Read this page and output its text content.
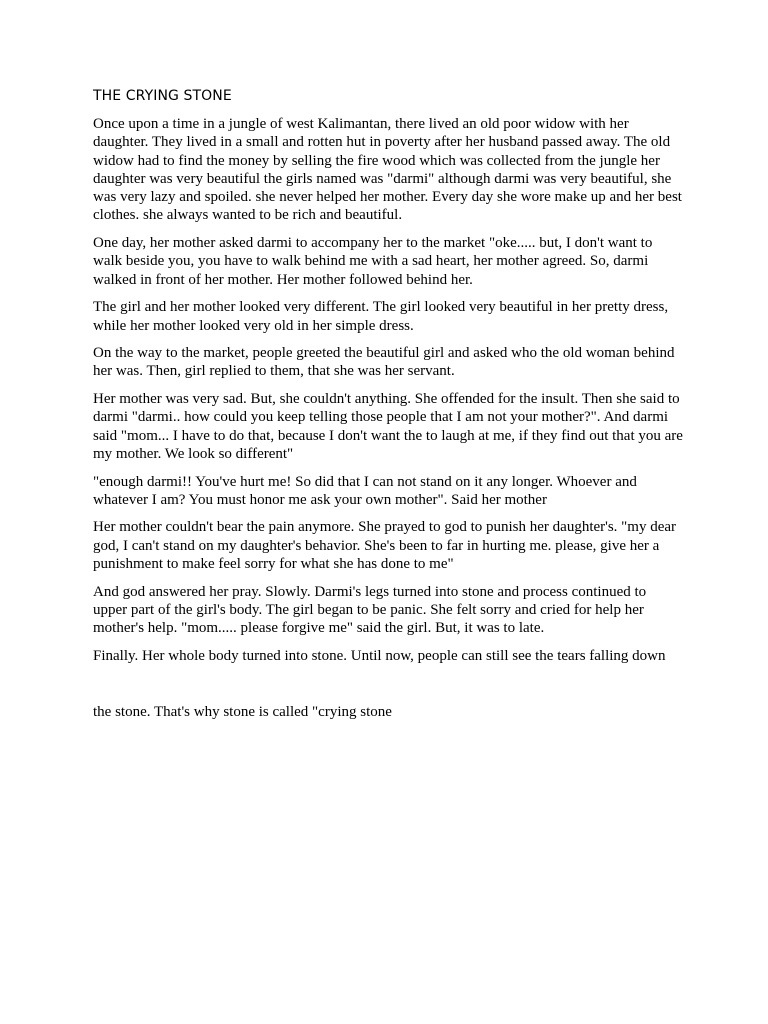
THE CRYING STONE

Once upon a time in a jungle of west Kalimantan, there lived an old poor widow with her daughter. They lived in a small and rotten hut in poverty after her husband passed away. The old widow had to find the money by selling the fire wood which was collected from the jungle her daughter was very beautiful the girls named was "darmi" although darmi was very beautiful, she was very lazy and spoiled. she never helped her mother. Every day she wore make up and her best clothes. she always wanted to be rich and beautiful.

One day, her mother asked darmi to accompany her to the market "oke..... but, I don't want to walk beside you, you have to walk behind me with a sad heart, her mother agreed. So, darmi walked in front of her mother. Her mother followed behind her.

The girl and her mother looked very different. The girl looked very beautiful in her pretty dress, while her mother looked very old in her simple dress.

On the way to the market, people greeted the beautiful girl and asked who the old woman behind her was. Then, girl replied to them, that she was her servant.

Her mother was very sad. But, she couldn't anything. She offended for the insult. Then she said to darmi "darmi.. how could you keep telling those people that I am not your mother?". And darmi said "mom... I have to do that, because I don't want the to laugh at me, if they find out that you are my mother. We look so different"

"enough darmi!! You've hurt me! So did that I can not stand on it any longer. Whoever and whatever I am? You must honor me ask your own mother". Said her mother

Her mother couldn't bear the pain anymore. She prayed to god to punish her daughter's. "my dear god, I can't stand on my daughter's behavior. She's been to far in hurting me. please, give her a punishment to make feel sorry for what she has done to me"

And god answered her pray. Slowly. Darmi's legs turned into stone and process continued to upper part of the girl's body. The girl began to be panic. She felt sorry and cried for help her mother's help. "mom..... please forgive me" said the girl. But, it was to late.

Finally. Her whole body turned into stone. Until now, people can still see the tears falling down

the stone. That's why stone is called "crying stone
